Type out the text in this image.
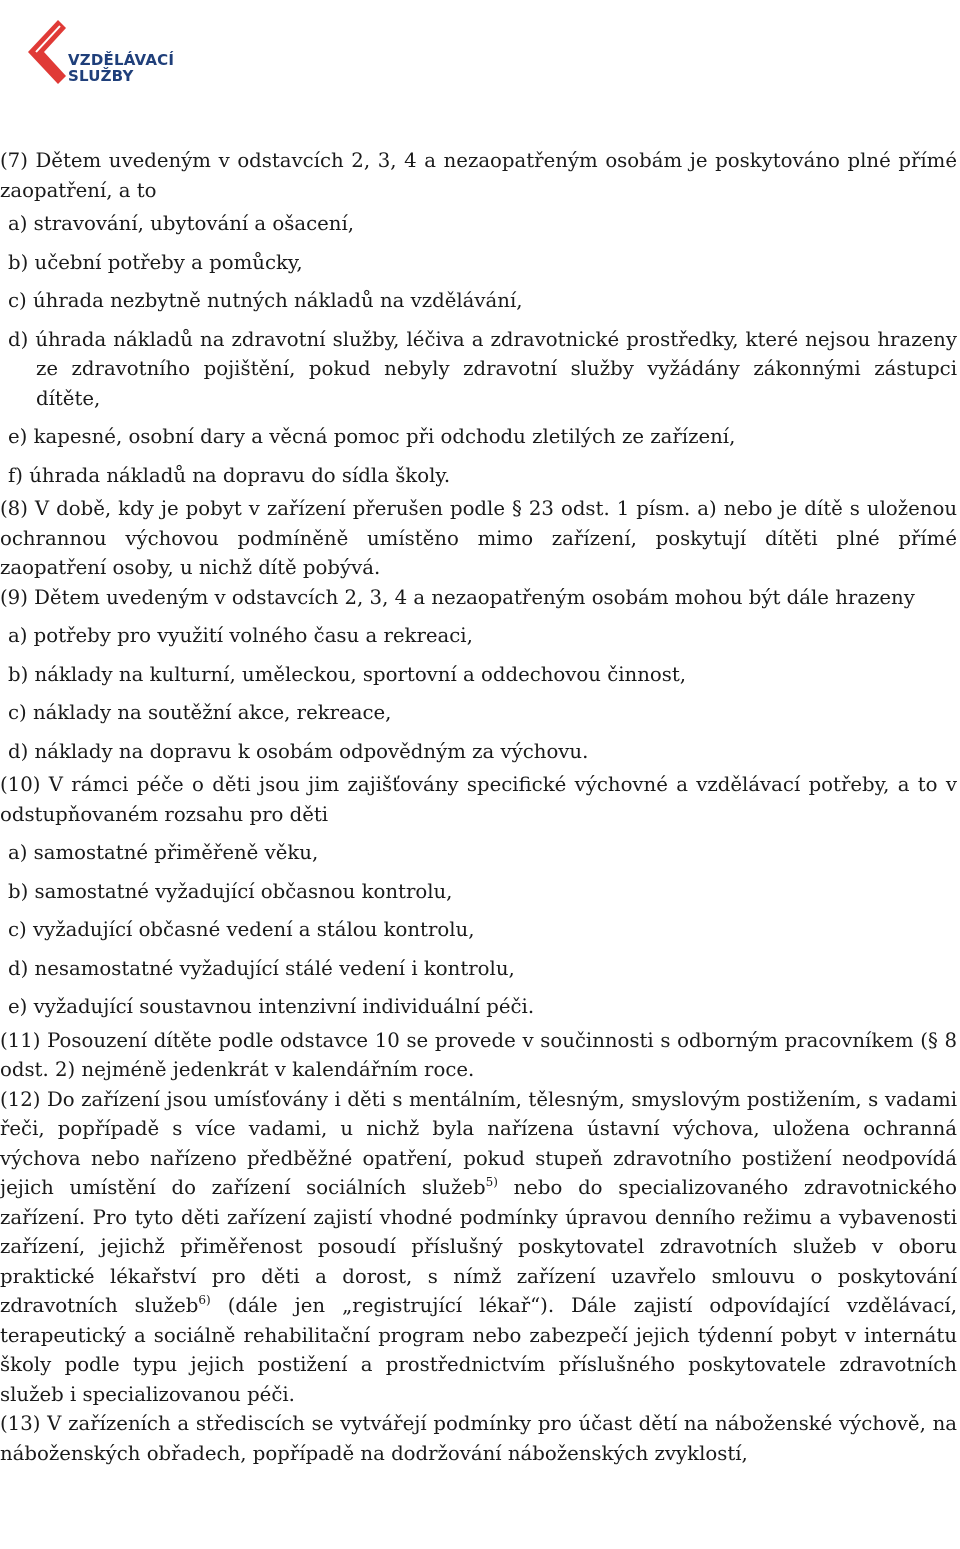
VZDĚLÁVACÍ
SLUŽBY

(7) Dětem uvedeným v odstavcích 2, 3, 4 a nezaopatřeným osobám je poskytováno plné přímé zaopatření, a to

a) stravování, ubytování a ošacení,

b) učební potřeby a pomůcky,

c) úhrada nezbytně nutných nákladů na vzdělávání,

d) úhrada nákladů na zdravotní služby, léčiva a zdravotnické prostředky, které nejsou hrazeny ze zdravotního pojištění, pokud nebyly zdravotní služby vyžádány zákonnými zástupci dítěte,

e) kapesné, osobní dary a věcná pomoc při odchodu zletilých ze zařízení,

f) úhrada nákladů na dopravu do sídla školy.

(8) V době, kdy je pobyt v zařízení přerušen podle § 23 odst. 1 písm. a) nebo je dítě s uloženou ochrannou výchovou podmíněně umístěno mimo zařízení, poskytují dítěti plné přímé zaopatření osoby, u nichž dítě pobývá.

(9) Dětem uvedeným v odstavcích 2, 3, 4 a nezaopatřeným osobám mohou být dále hrazeny

a) potřeby pro využití volného času a rekreaci,

b) náklady na kulturní, uměleckou, sportovní a oddechovou činnost,

c) náklady na soutěžní akce, rekreace,

d) náklady na dopravu k osobám odpovědným za výchovu.

(10) V rámci péče o děti jsou jim zajišťovány specifické výchovné a vzdělávací potřeby, a to v odstupňovaném rozsahu pro děti

a) samostatné přiměřeně věku,

b) samostatné vyžadující občasnou kontrolu,

c) vyžadující občasné vedení a stálou kontrolu,

d) nesamostatné vyžadující stálé vedení i kontrolu,

e) vyžadující soustavnou intenzivní individuální péči.

(11) Posouzení dítěte podle odstavce 10 se provede v součinnosti s odborným pracovníkem (§ 8 odst. 2) nejméně jedenkrát v kalendářním roce.

(12) Do zařízení jsou umísťovány i děti s mentálním, tělesným, smyslovým postižením, s vadami řeči, popřípadě s více vadami, u nichž byla nařízena ústavní výchova, uložena ochranná výchova nebo nařízeno předběžné opatření, pokud stupeň zdravotního postižení neodpovídá jejich umístění do zařízení sociálních služeb$^{5)}$ nebo do specializovaného zdravotnického zařízení. Pro tyto děti zařízení zajistí vhodné podmínky úpravou denního režimu a vybavenosti zařízení, jejichž přiměřenost posoudí příslušný poskytovatel zdravotních služeb v oboru praktické lékařství pro děti a dorost, s nímž zařízení uzavřelo smlouvu o poskytování zdravotních služeb$^{6)}$ (dále jen „registrující lékař“). Dále zajistí odpovídající vzdělávací, terapeutický a sociálně rehabilitační program nebo zabezpečí jejich týdenní pobyt v internátu školy podle typu jejich postižení a prostřednictvím příslušného poskytovatele zdravotních služeb i specializovanou péči.

(13) V zařízeních a střediscích se vytvářejí podmínky pro účast dětí na náboženské výchově, na náboženských obřadech, popřípadě na dodržování náboženských zvyklostí,
